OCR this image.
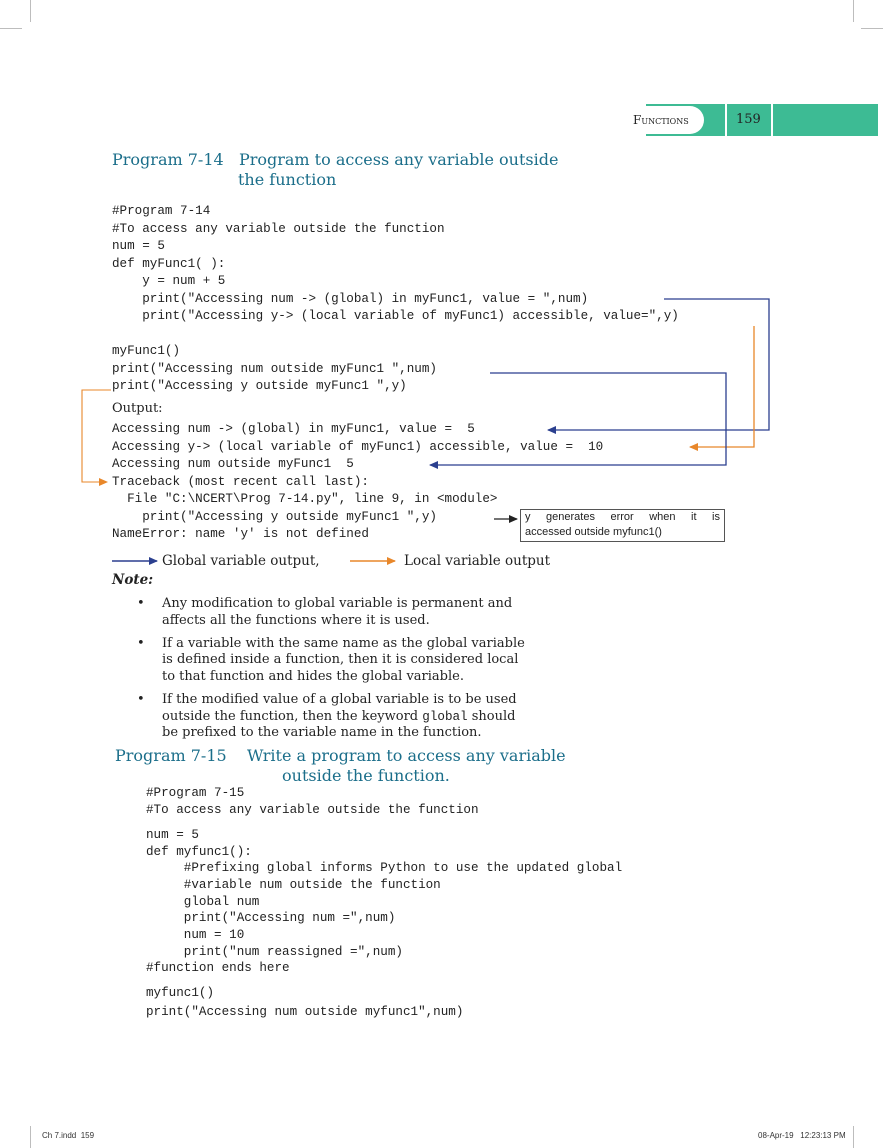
Functions	159
Program 7-14   Program to access any variable outside
the function
#Program 7-14
#To access any variable outside the function
num = 5
def myFunc1( ):
y = num + 5
print("Accessing num -> (global) in myFunc1, value = ",num)
print("Accessing y-> (local variable of myFunc1) accessible, value=",y)
myFunc1()
print("Accessing num outside myFunc1 ",num)
print("Accessing y outside myFunc1 ",y)
Output:
Accessing num -> (global) in myFunc1, value =  5
Accessing y-> (local variable of myFunc1) accessible, value =  10
Accessing num outside myFunc1  5
Traceback (most recent call last):
File "C:\NCERT\Prog 7-14.py", line 9, in <module>
print("Accessing y outside myFunc1 ",y)
NameError: name 'y' is not defined
y generates error when it is
accessed outside myfunc1()
Global variable output,	Local variable output
Note:
• Any modification to global variable is permanent and
affects all the functions where it is used.
• If a variable with the same name as the global variable
is defined inside a function, then it is considered local
to that function and hides the global variable.
• If the modified value of a global variable is to be used
outside the function, then the keyword global should
be prefixed to the variable name in the function.
Program 7-15    Write a program to access any variable
outside the function.
#Program 7-15
#To access any variable outside the function
num = 5
def myfunc1():
#Prefixing global informs Python to use the updated global
#variable num outside the function
global num
print("Accessing num =",num)
num = 10
print("num reassigned =",num)
#function ends here
myfunc1()
print("Accessing num outside myfunc1",num)
Ch 7.indd  159	08-Apr-19   12:23:13 PM
